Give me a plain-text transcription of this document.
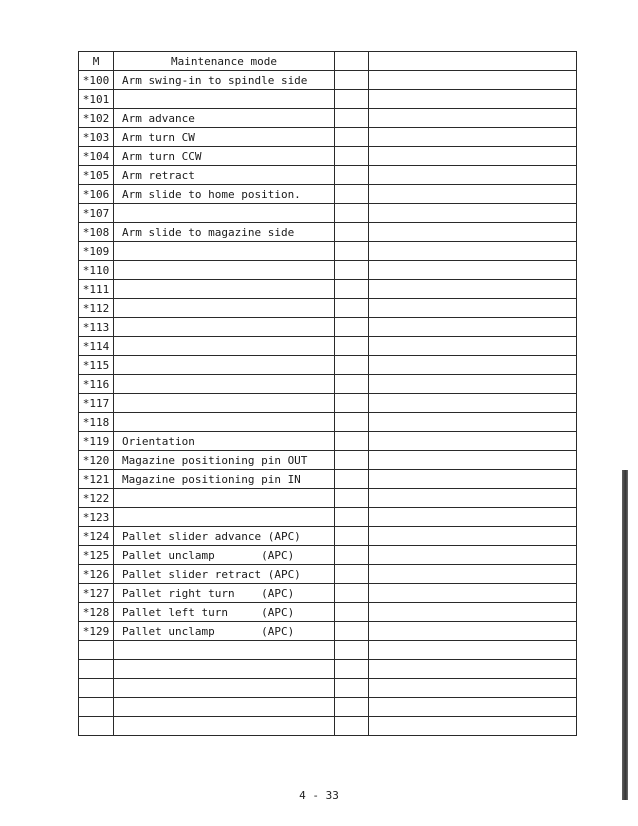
M	Maintenance mode		
*100	Arm swing-in to spindle side		
*101			
*102	Arm advance		
*103	Arm turn CW		
*104	Arm turn CCW		
*105	Arm retract		
*106	Arm slide to home position.		
*107			
*108	Arm slide to magazine side		
*109			
*110			
*111			
*112			
*113			
*114			
*115			
*116			
*117			
*118			
*119	Orientation		
*120	Magazine positioning pin OUT		
*121	Magazine positioning pin IN		
*122			
*123			
*124	Pallet slider advance (APC)		
*125	Pallet unclamp       (APC)		
*126	Pallet slider retract (APC)		
*127	Pallet right turn    (APC)		
*128	Pallet left turn     (APC)		
*129	Pallet unclamp       (APC)		

4 - 33
